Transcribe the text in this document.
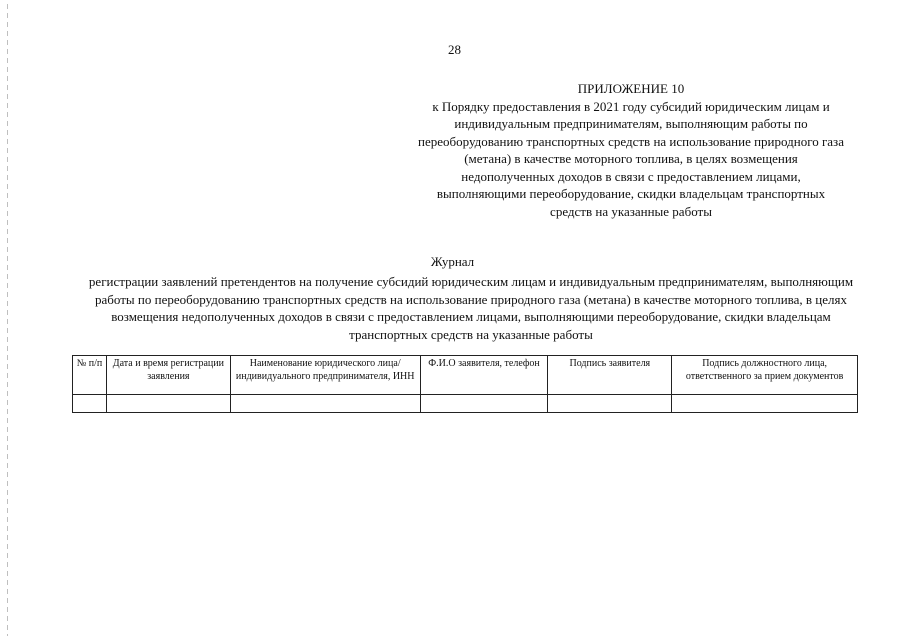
28
ПРИЛОЖЕНИЕ 10
к Порядку предоставления в 2021 году субсидий юридическим лицам и индивидуальным предпринимателям, выполняющим работы по переоборудованию транспортных средств на использование природного газа (метана) в качестве моторного топлива, в целях возмещения недополученных доходов в связи с предоставлением лицами, выполняющими переоборудование, скидки владельцам транспортных средств на указанные работы
Журнал
регистрации заявлений претендентов на получение субсидий юридическим лицам и индивидуальным предпринимателям, выполняющим работы по переоборудованию транспортных средств на использование природного газа (метана) в качестве моторного топлива, в целях возмещения недополученных доходов в связи с предоставлением лицами, выполняющими переоборудование, скидки владельцам транспортных средств на указанные работы
№ п/п	Дата и время регистрации заявления	Наименование юридического лица/индивидуального предпринимателя, ИНН	Ф.И.О заявителя, телефон	Подпись заявителя	Подпись должностного лица, ответственного за прием документов
